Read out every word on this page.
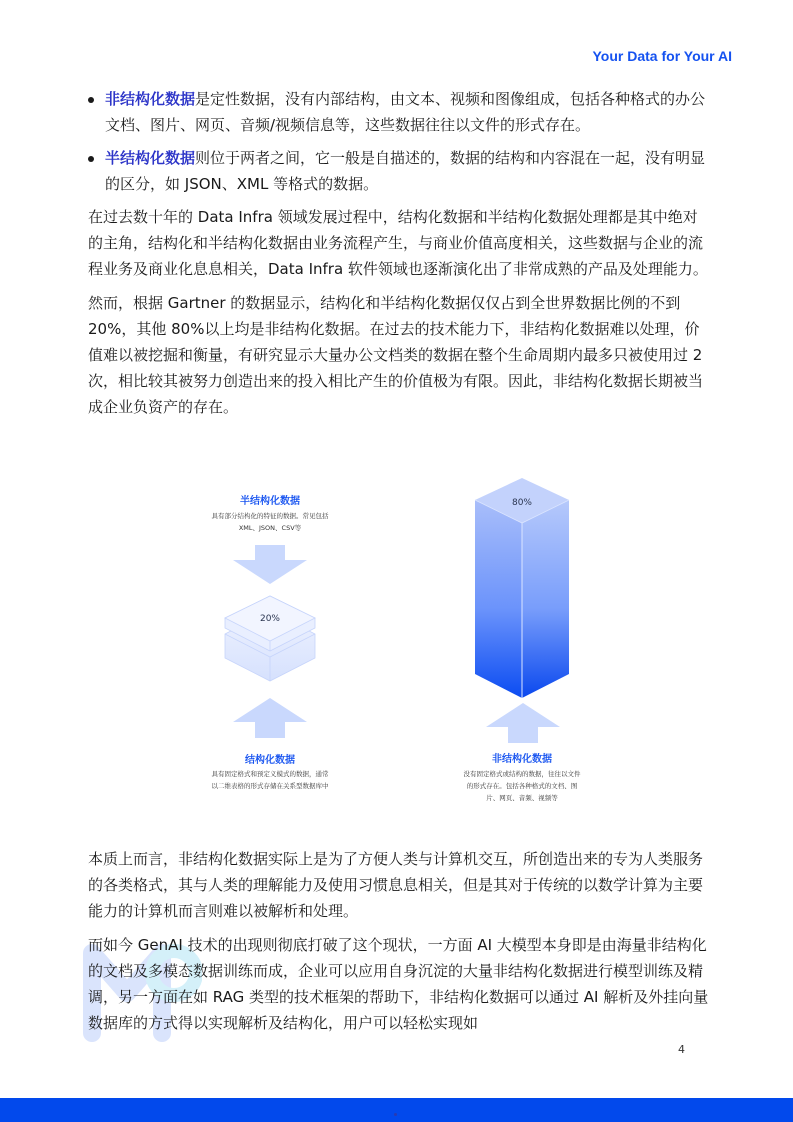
Your Data for Your AI
非结构化数据是定性数据，没有内部结构，由文本、视频和图像组成，包括各种格式的办公文档、图片、网页、音频/视频信息等，这些数据往往以文件的形式存在。
半结构化数据则位于两者之间，它一般是自描述的，数据的结构和内容混在一起，没有明显的区分，如 JSON、XML 等格式的数据。

在过去数十年的 Data Infra 领域发展过程中，结构化数据和半结构化数据处理都是其中绝对的主角，结构化和半结构化数据由业务流程产生，与商业价值高度相关，这些数据与企业的流程业务及商业化息息相关，Data Infra 软件领域也逐渐演化出了非常成熟的产品及处理能力。

然而，根据 Gartner 的数据显示，结构化和半结构化数据仅仅占到全世界数据比例的不到 20%，其他 80%以上均是非结构化数据。在过去的技术能力下，非结构化数据难以处理，价值难以被挖掘和衡量，有研究显示大量办公文档类的数据在整个生命周期内最多只被使用过 2 次，相比较其被努力创造出来的投入相比产生的价值极为有限。因此，非结构化数据长期被当成企业负资产的存在。

半结构化数据
具有部分结构化的特征的数据。常见包括
XML、JSON、CSV等
20%
结构化数据
具有固定格式和预定义模式的数据，通常
以二维表格的形式存储在关系型数据库中
80%
非结构化数据
没有固定格式或结构的数据，往往以文件
的形式存在。包括各种格式的文档、图
片、网页、音频、视频等

本质上而言，非结构化数据实际上是为了方便人类与计算机交互，所创造出来的专为人类服务的各类格式，其与人类的理解能力及使用习惯息息相关，但是其对于传统的以数学计算为主要能力的计算机而言则难以被解析和处理。

而如今 GenAI 技术的出现则彻底打破了这个现状，一方面 AI 大模型本身即是由海量非结构化的文档及多模态数据训练而成，企业可以应用自身沉淀的大量非结构化数据进行模型训练及精调，另一方面在如 RAG 类型的技术框架的帮助下，非结构化数据可以通过 AI 解析及外挂向量数据库的方式得以实现解析及结构化，用户可以轻松实现如

4
